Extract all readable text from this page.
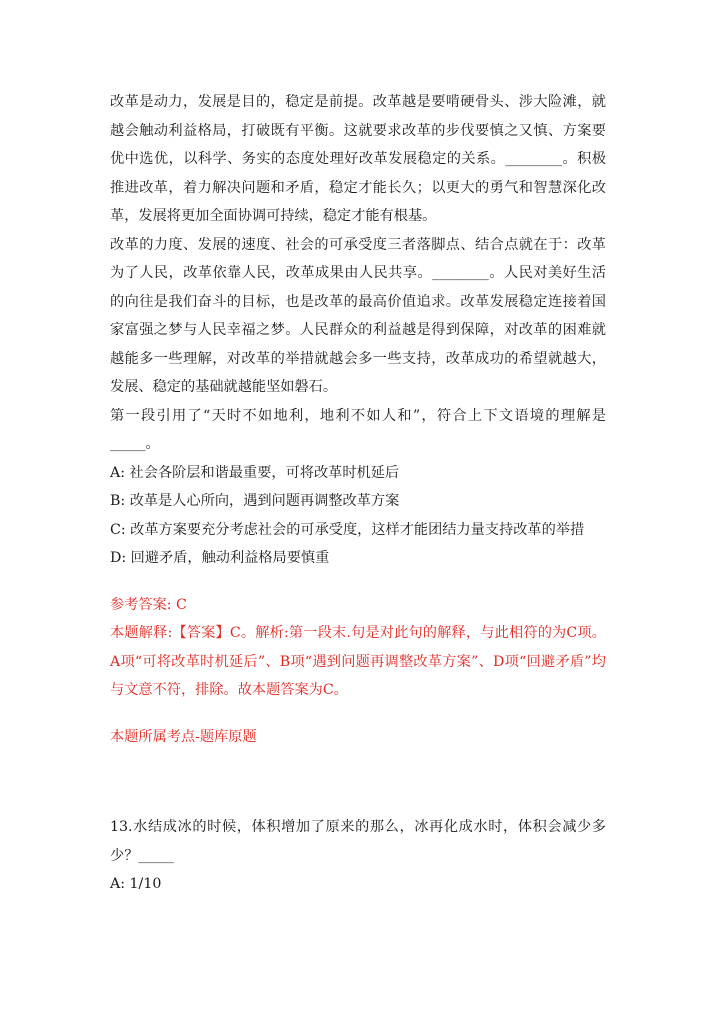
改革是动力，发展是目的，稳定是前提。改革越是要啃硬骨头、涉大险滩，就越会触动利益格局，打破既有平衡。这就要求改革的步伐要慎之又慎、方案要优中选优，以科学、务实的态度处理好改革发展稳定的关系。________。积极推进改革，着力解决问题和矛盾，稳定才能长久；以更大的勇气和智慧深化改革，发展将更加全面协调可持续，稳定才能有根基。

改革的力度、发展的速度、社会的可承受度三者落脚点、结合点就在于：改革为了人民，改革依靠人民，改革成果由人民共享。________。人民对美好生活的向往是我们奋斗的目标，也是改革的最高价值追求。改革发展稳定连接着国家富强之梦与人民幸福之梦。人民群众的利益越是得到保障，对改革的困难就越能多一些理解，对改革的举措就越会多一些支持，改革成功的希望就越大，发展、稳定的基础就越能坚如磐石。

第一段引用了“天时不如地利，地利不如人和”，符合上下文语境的理解是_____。

A: 社会各阶层和谐最重要，可将改革时机延后

B: 改革是人心所向，遇到问题再调整改革方案

C: 改革方案要充分考虑社会的可承受度，这样才能团结力量支持改革的举措

D: 回避矛盾，触动利益格局要慎重

参考答案: C

本题解释:【答案】C。解析:第一段末.句是对此句的解释，与此相符的为C项。A项“可将改革时机延后”、B项“遇到问题再调整改革方案”、D项“回避矛盾”均与文意不符，排除。故本题答案为C。

本题所属考点-题库原题

13.水结成冰的时候，体积增加了原来的那么，冰再化成水时，体积会减少多少？_____

A: 1/10
